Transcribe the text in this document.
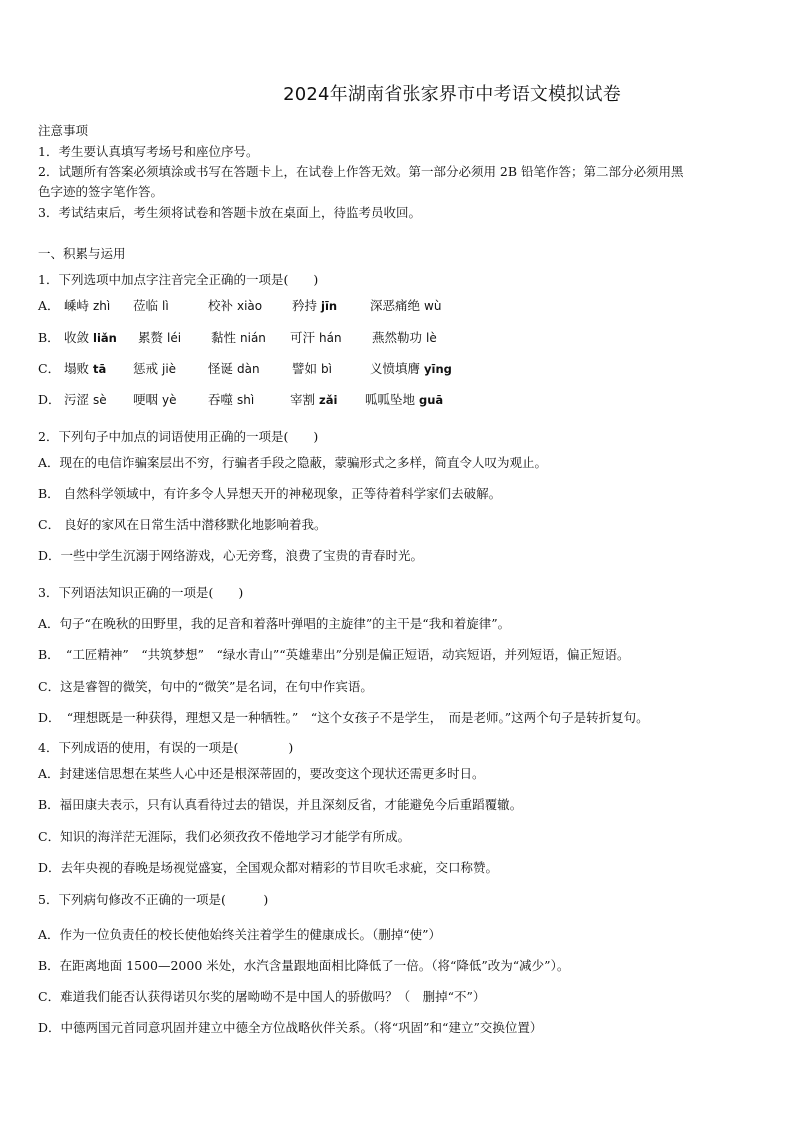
2024年湖南省张家界市中考语文模拟试卷
注意事项
1．考生要认真填写考场号和座位序号。
2．试题所有答案必须填涂或书写在答题卡上，在试卷上作答无效。第一部分必须用 2B 铅笔作答；第二部分必须用黑
色字迹的签字笔作答。
3．考试结束后，考生须将试卷和答题卡放在桌面上，待监考员收回。
一、积累与运用
1．下列选项中加点字注音完全正确的一项是(　　)
A． 嵊峙 zhì 莅临 lì	校补 xiào 矜持 jīn	深恶痛绝 wù
B． 收敛 liǎn 累赘 léi 黏性 nián 可汗 hán 燕然勒功 lè
C． 塌败 tā 惩戒 jiè	怪诞 dàn	譬如 bì	义愤填膺 yīng
D． 污涩 sè 哽咽 yè	吞噬 shì	宰割 zǎi 呱呱坠地 guā
2．下列句子中加点的词语使用正确的一项是(　　)
A．现在的电信诈骗案层出不穷，行骗者手段之隐蔽，蒙骗形式之多样，简直令人叹为观止。
B． 自然科学领域中，有许多令人异想天开的神秘现象，正等待着科学家们去破解。
C． 良好的家风在日常生活中潜移默化地影响着我。
D．一些中学生沉溺于网络游戏，心无旁骛，浪费了宝贵的青春时光。
3．下列语法知识正确的一项是(　　)
A．句子“在晚秋的田野里，我的足音和着落叶弹唱的主旋律”的主干是“我和着旋律”。
B．　“工匠精神”　“共筑梦想”　“绿水青山”“英雄辈出”分别是偏正短语，动宾短语，并列短语，偏正短语。
C．这是睿智的微笑，句中的“微笑”是名词，在句中作宾语。
D．　“理想既是一种获得，理想又是一种牺牲。”　“这个女孩子不是学生，　而是老师。”这两个句子是转折复句。
4．下列成语的使用，有误的一项是(　　　　)
A．封建迷信思想在某些人心中还是根深蒂固的，要改变这个现状还需更多时日。
B．福田康夫表示，只有认真看待过去的错误，并且深刻反省，才能避免今后重蹈覆辙。
C．知识的海洋茫无涯际，我们必须孜孜不倦地学习才能学有所成。
D．去年央视的春晚是场视觉盛宴，全国观众都对精彩的节目吹毛求疵，交口称赞。
5．下列病句修改不正确的一项是(　　　)
A．作为一位负责任的校长使他始终关注着学生的健康成长。（删掉“使”）
B．在距离地面 1500—2000 米处，水汽含量跟地面相比降低了一倍。（将“降低”改为“减少”）。
C．难道我们能否认获得诺贝尔奖的屠呦呦不是中国人的骄傲吗？（　删掉“不”）
D．中德两国元首同意巩固并建立中德全方位战略伙伴关系。（将“巩固”和“建立”交换位置）
